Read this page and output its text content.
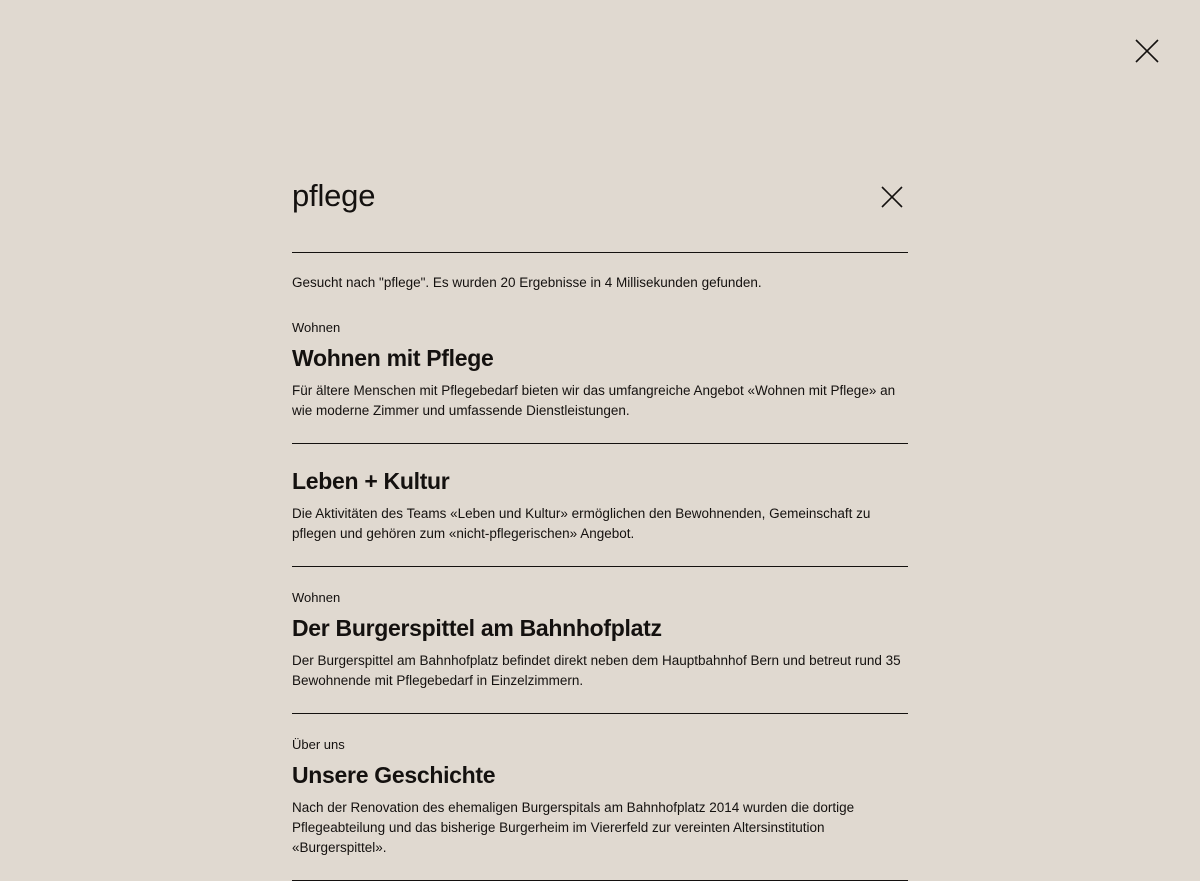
pflege
Gesucht nach "pflege". Es wurden 20 Ergebnisse in 4 Millisekunden gefunden.
Wohnen
Wohnen mit Pflege

Für ältere Menschen mit Pflegebedarf bieten wir das umfangreiche Angebot «Wohnen mit Pflege» an wie moderne Zimmer und umfassende Dienstleistungen.

Leben + Kultur

Die Aktivitäten des Teams «Leben und Kultur» ermöglichen den Bewohnenden, Gemeinschaft zu pflegen und gehören zum «nicht-pflegerischen» Angebot.

Wohnen
Der Burgerspittel am Bahnhofplatz

Der Burgerspittel am Bahnhofplatz befindet direkt neben dem Hauptbahnhof Bern und betreut rund 35 Bewohnende mit Pflegebedarf in Einzelzimmern.

Über uns
Unsere Geschichte

Nach der Renovation des ehemaligen Burgerspitals am Bahnhofplatz 2014 wurden die dortige Pflegeabteilung und das bisherige Burgerheim im Viererfeld zur vereinten Altersinstitution «Burgerspittel».
